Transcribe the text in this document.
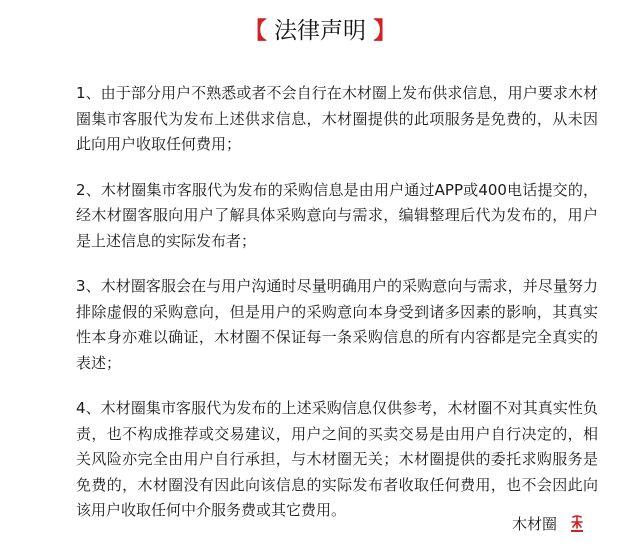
【 法律声明 】

1、由于部分用户不熟悉或者不会自行在木材圈上发布供求信息，用户要求木材圈集市客服代为发布上述供求信息，木材圈提供的此项服务是免费的，从未因此向用户收取任何费用；

2、木材圈集市客服代为发布的采购信息是由用户通过APP或400电话提交的，经木材圈客服向用户了解具体采购意向与需求，编辑整理后代为发布的，用户是上述信息的实际发布者；

3、木材圈客服会在与用户沟通时尽量明确用户的采购意向与需求，并尽量努力排除虚假的采购意向，但是用户的采购意向本身受到诸多因素的影响，其真实性本身亦难以确证，木材圈不保证每一条采购信息的所有内容都是完全真实的表述；

4、木材圈集市客服代为发布的上述采购信息仅供参考，木材圈不对其真实性负责，也不构成推荐或交易建议，用户之间的买卖交易是由用户自行决定的，相关风险亦完全由用户自行承担，与木材圈无关；木材圈提供的委托求购服务是免费的，木材圈没有因此向该信息的实际发布者收取任何费用，也不会因此向该用户收取任何中介服务费或其它费用。

木材圈
